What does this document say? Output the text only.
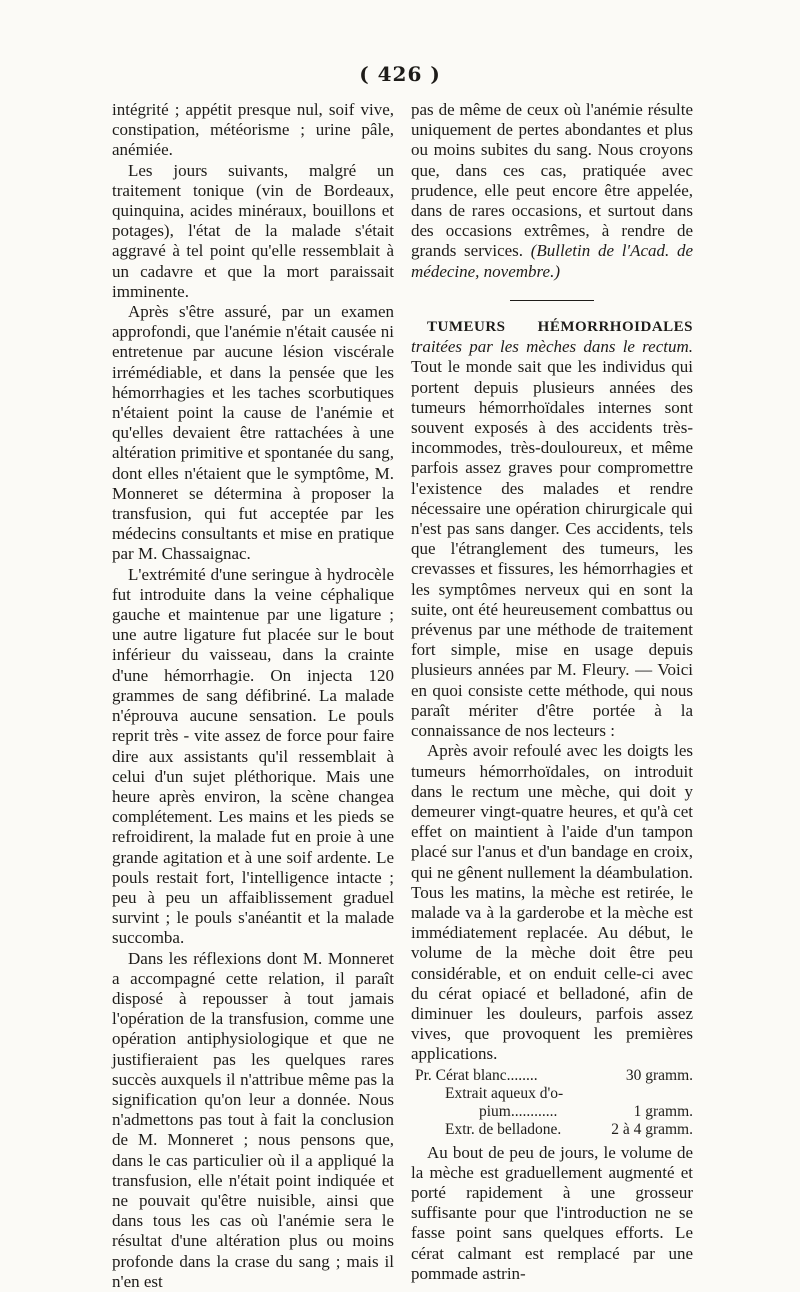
( 426 )

intégrité ; appétit presque nul, soif vive, constipation, météorisme ; urine pâle, anémiée.

Les jours suivants, malgré un traitement tonique (vin de Bordeaux, quinquina, acides minéraux, bouillons et potages), l'état de la malade s'était aggravé à tel point qu'elle ressemblait à un cadavre et que la mort paraissait imminente.

Après s'être assuré, par un examen approfondi, que l'anémie n'était causée ni entretenue par aucune lésion viscérale irrémédiable, et dans la pensée que les hémorrhagies et les taches scorbutiques n'étaient point la cause de l'anémie et qu'elles devaient être rattachées à une altération primitive et spontanée du sang, dont elles n'étaient que le symptôme, M. Monneret se détermina à proposer la transfusion, qui fut acceptée par les médecins consultants et mise en pratique par M. Chassaignac.

L'extrémité d'une seringue à hydrocèle fut introduite dans la veine céphalique gauche et maintenue par une ligature ; une autre ligature fut placée sur le bout inférieur du vaisseau, dans la crainte d'une hémorrhagie. On injecta 120 grammes de sang défibriné. La malade n'éprouva aucune sensation. Le pouls reprit très - vite assez de force pour faire dire aux assistants qu'il ressemblait à celui d'un sujet pléthorique. Mais une heure après environ, la scène changea complétement. Les mains et les pieds se refroidirent, la malade fut en proie à une grande agitation et à une soif ardente. Le pouls restait fort, l'intelligence intacte ; peu à peu un affaiblissement graduel survint ; le pouls s'anéantit et la malade succomba.

Dans les réflexions dont M. Monneret a accompagné cette relation, il paraît disposé à repousser à tout jamais l'opération de la transfusion, comme une opération antiphysiologique et que ne justifieraient pas les quelques rares succès auxquels il n'attribue même pas la signification qu'on leur a donnée. Nous n'admettons pas tout à fait la conclusion de M. Monneret ; nous pensons que, dans le cas particulier où il a appliqué la transfusion, elle n'était point indiquée et ne pouvait qu'être nuisible, ainsi que dans tous les cas où l'anémie sera le résultat d'une altération plus ou moins profonde dans la crase du sang ; mais il n'en est

pas de même de ceux où l'anémie résulte uniquement de pertes abondantes et plus ou moins subites du sang. Nous croyons que, dans ces cas, pratiquée avec prudence, elle peut encore être appelée, dans de rares occasions, et surtout dans des occasions extrêmes, à rendre de grands services. (Bulletin de l'Acad. de médecine, novembre.)

TUMEURS HÉMORRHOIDALES traitées par les mèches dans le rectum. Tout le monde sait que les individus qui portent depuis plusieurs années des tumeurs hémorrhoïdales internes sont souvent exposés à des accidents très-incommodes, très-douloureux, et même parfois assez graves pour compromettre l'existence des malades et rendre nécessaire une opération chirurgicale qui n'est pas sans danger. Ces accidents, tels que l'étranglement des tumeurs, les crevasses et fissures, les hémorrhagies et les symptômes nerveux qui en sont la suite, ont été heureusement combattus ou prévenus par une méthode de traitement fort simple, mise en usage depuis plusieurs années par M. Fleury. — Voici en quoi consiste cette méthode, qui nous paraît mériter d'être portée à la connaissance de nos lecteurs :

Après avoir refoulé avec les doigts les tumeurs hémorrhoïdales, on introduit dans le rectum une mèche, qui doit y demeurer vingt-quatre heures, et qu'à cet effet on maintient à l'aide d'un tampon placé sur l'anus et d'un bandage en croix, qui ne gênent nullement la déambulation. Tous les matins, la mèche est retirée, le malade va à la garderobe et la mèche est immédiatement replacée. Au début, le volume de la mèche doit être peu considérable, et on enduit celle-ci avec du cérat opiacé et belladoné, afin de diminuer les douleurs, parfois assez vives, que provoquent les premières applications.

Pr. Cérat blanc........	30 gramm.
Extrait aqueux d'o-
pium............	1 gramm.
Extr. de belladone.	2 à 4 gramm.

Au bout de peu de jours, le volume de la mèche est graduellement augmenté et porté rapidement à une grosseur suffisante pour que l'introduction ne se fasse point sans quelques efforts. Le cérat calmant est remplacé par une pommade astrin-
